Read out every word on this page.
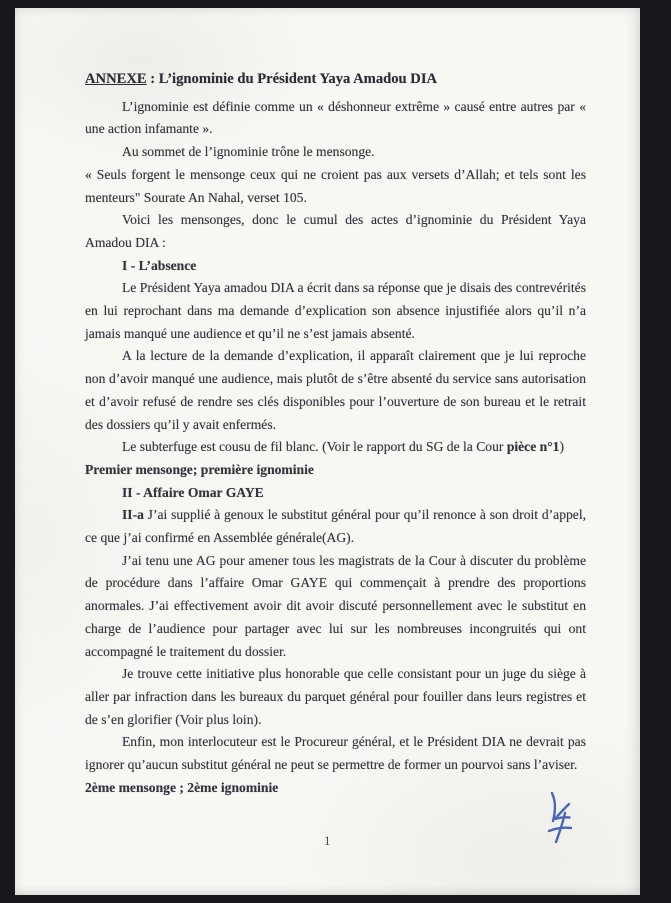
ANNEXE : L’ignominie du Président Yaya Amadou DIA

L’ignominie est définie comme un « déshonneur extrême » causé entre autres par « une action infamante ».

Au sommet de l’ignominie trône le mensonge.

« Seuls forgent le mensonge ceux qui ne croient pas aux versets d’Allah; et tels sont les menteurs" Sourate An Nahal, verset 105.

Voici les mensonges, donc le cumul des actes d’ignominie du Président Yaya Amadou DIA :

I - L’absence

Le Président Yaya amadou DIA a écrit dans sa réponse que je disais des contrevérités en lui reprochant dans ma demande d’explication son absence injustifiée alors qu’il n’a jamais manqué une audience et qu’il ne s’est jamais absenté.

A la lecture de la demande d’explication, il apparaît clairement que je lui reproche non d’avoir manqué une audience, mais plutôt de s’être absenté du service sans autorisation et d’avoir refusé de rendre ses clés disponibles pour l’ouverture de son bureau et le retrait des dossiers qu’il y avait enfermés.

Le subterfuge est cousu de fil blanc. (Voir le rapport du SG de la Cour pièce n°1)

Premier mensonge; première ignominie

II - Affaire Omar GAYE

II-a J’ai supplié à genoux le substitut général pour qu’il renonce à son droit d’appel, ce que j’ai confirmé en Assemblée générale(AG).

J’ai tenu une AG pour amener tous les magistrats de la Cour à discuter du problème de procédure dans l’affaire Omar GAYE qui commençait à prendre des proportions anormales. J’ai effectivement avoir dit avoir discuté personnellement avec le substitut en charge de l’audience pour partager avec lui sur les nombreuses incongruités qui ont accompagné le traitement du dossier.

Je trouve cette initiative plus honorable que celle consistant pour un juge du siège à aller par infraction dans les bureaux du parquet général pour fouiller dans leurs registres et de s’en glorifier (Voir plus loin).

Enfin, mon interlocuteur est le Procureur général, et le Président DIA ne devrait pas ignorer qu’aucun substitut général ne peut se permettre de former un pourvoi sans l’aviser.

2ème mensonge ; 2ème ignominie

1
